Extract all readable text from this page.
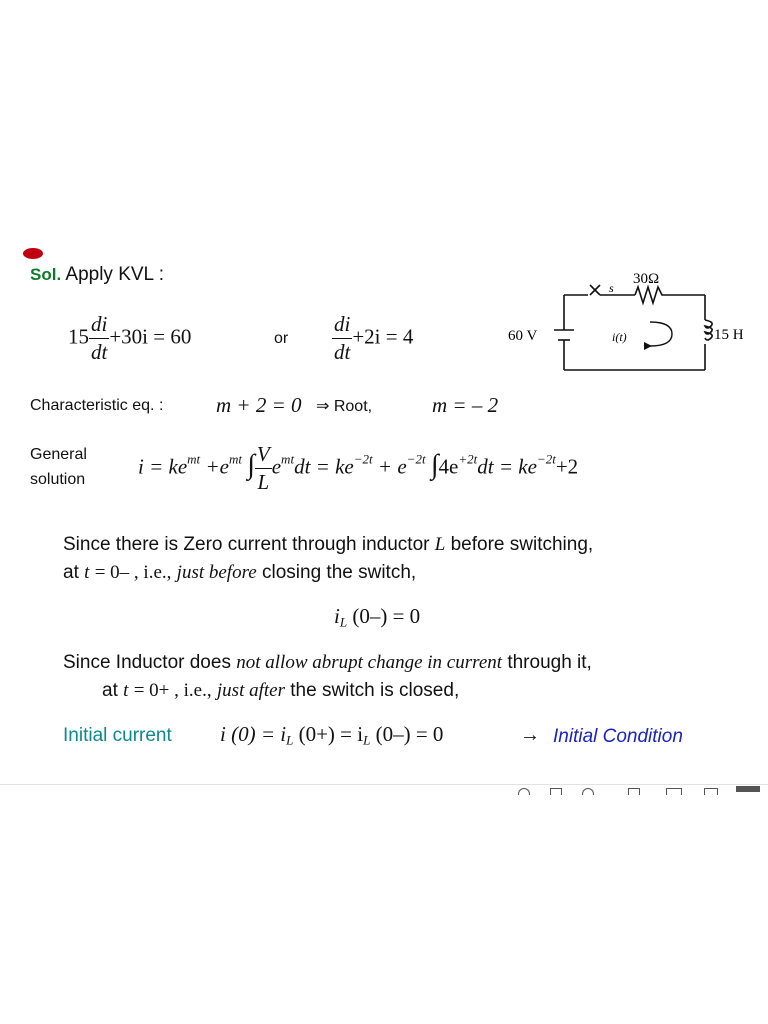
Sol. Apply KVL :
$15 \frac{di}{dt} +30i = 60$	or $\frac{di}{dt} +2i = 4$
30Ω
s
60 V	15 H
i(t)
Characteristic eq. :	m + 2 = 0 ⇒ Root,	m = – 2
General
solution
$i = ke^{mt} +e^{mt}$ ∫ $\frac{V}{L} e^{mt}dt = ke^{-2t} + e^{-2t}$ $\int 4e^{+2t}dt = ke^{-2t}+2$
Since there is Zero current through inductor L before switching,
at t = 0– , i.e., just before closing the switch,
$i_L$ (0–) = 0
Since Inductor does not allow abrupt change in current through it,
at t = 0+ , i.e., just after the switch is closed,
Initial current i $(0) = i_L$ $(0+) = i_L$ (0–) = 0	→ Initial Condition
